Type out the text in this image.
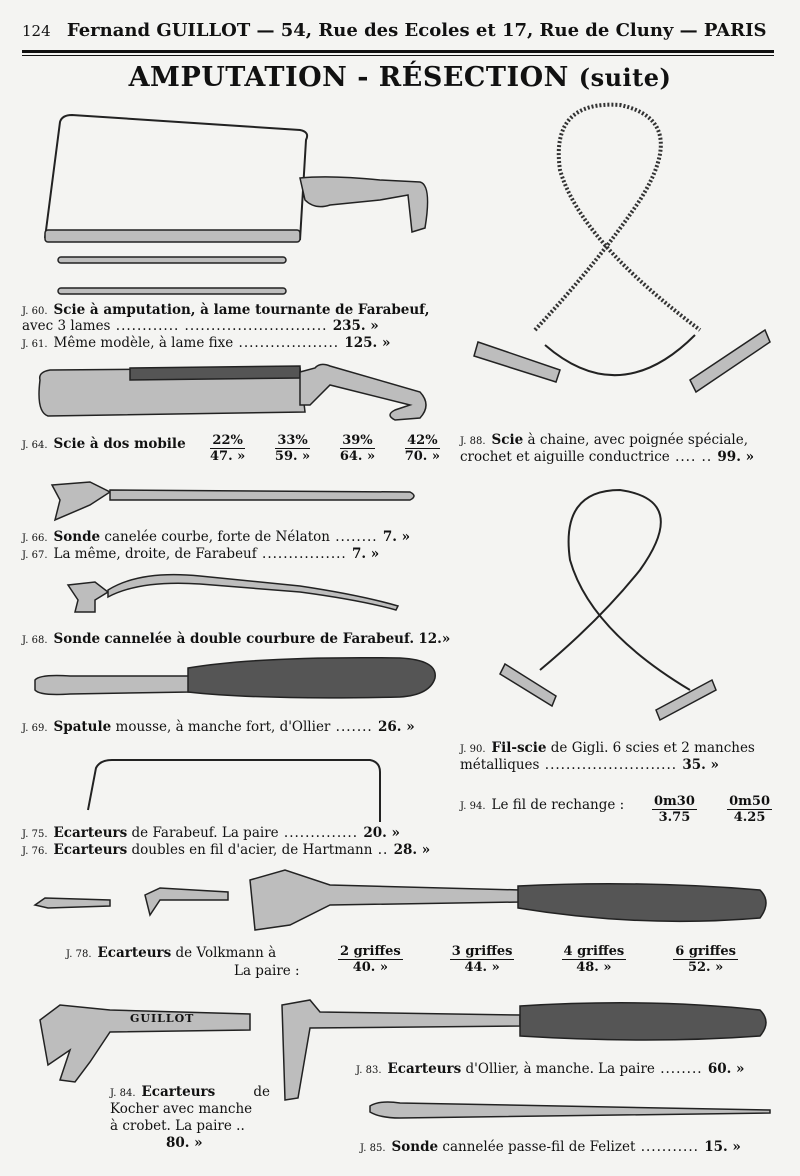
124 Fernand GUILLOT — 54, Rue des Ecoles et 17, Rue de Cluny — PARIS
AMPUTATION - RÉSECTION (suite)
GUILLOT
J. 60. Scie à amputation, à lame tournante de Farabeuf,
avec 3 lames ............ ........................... 235. »
J. 61. Même modèle, à lame fixe ................... 125. »
J. 64. Scie à dos mobile	$\frac{22\%}{47. »} \frac{33\%}{59. »} \frac{39\%}{64. »} \frac{42\%}{70. »}$
J. 66. Sonde canelée courbe, forte de Nélaton ........ 7. »
J. 67. La même, droite, de Farabeuf ................ 7. »
J. 68. Sonde cannelée à double courbure de Farabeuf. 12.»
J. 69. Spatule mousse, à manche fort, d'Ollier ....... 26. »
J. 75. Ecarteurs de Farabeuf. La paire .............. 20. »
J. 76. Ecarteurs doubles en fil d'acier, de Hartmann .. 28. »
J. 78. Ecarteurs de Volkmann à
La paire :	$\frac{\text{2 griffes}}{40. »}$	$\frac{\text{3 griffes}}{44. »}$	$\frac{\text{4 griffes}}{48. »}$	$\frac{\text{6 griffes}}{52. »}$
J. 84. Ecarteurs	de
Kocher avec manche
à crobet. La paire ..
80. »
J. 83. Ecarteurs d'Ollier, à manche. La paire ........ 60. »
J. 85. Sonde cannelée passe-fil de Felizet ........... 15. »
J. 88. Scie à chaine, avec poignée spéciale,
crochet et aiguille conductrice .... .. 99. »
J. 90. Fil-scie de Gigli. 6 scies et 2 manches
métalliques ......................... 35. »
J. 94. Le fil de rechange :	$\frac{0m30}{3.75} \frac{0m50}{4.25}$
